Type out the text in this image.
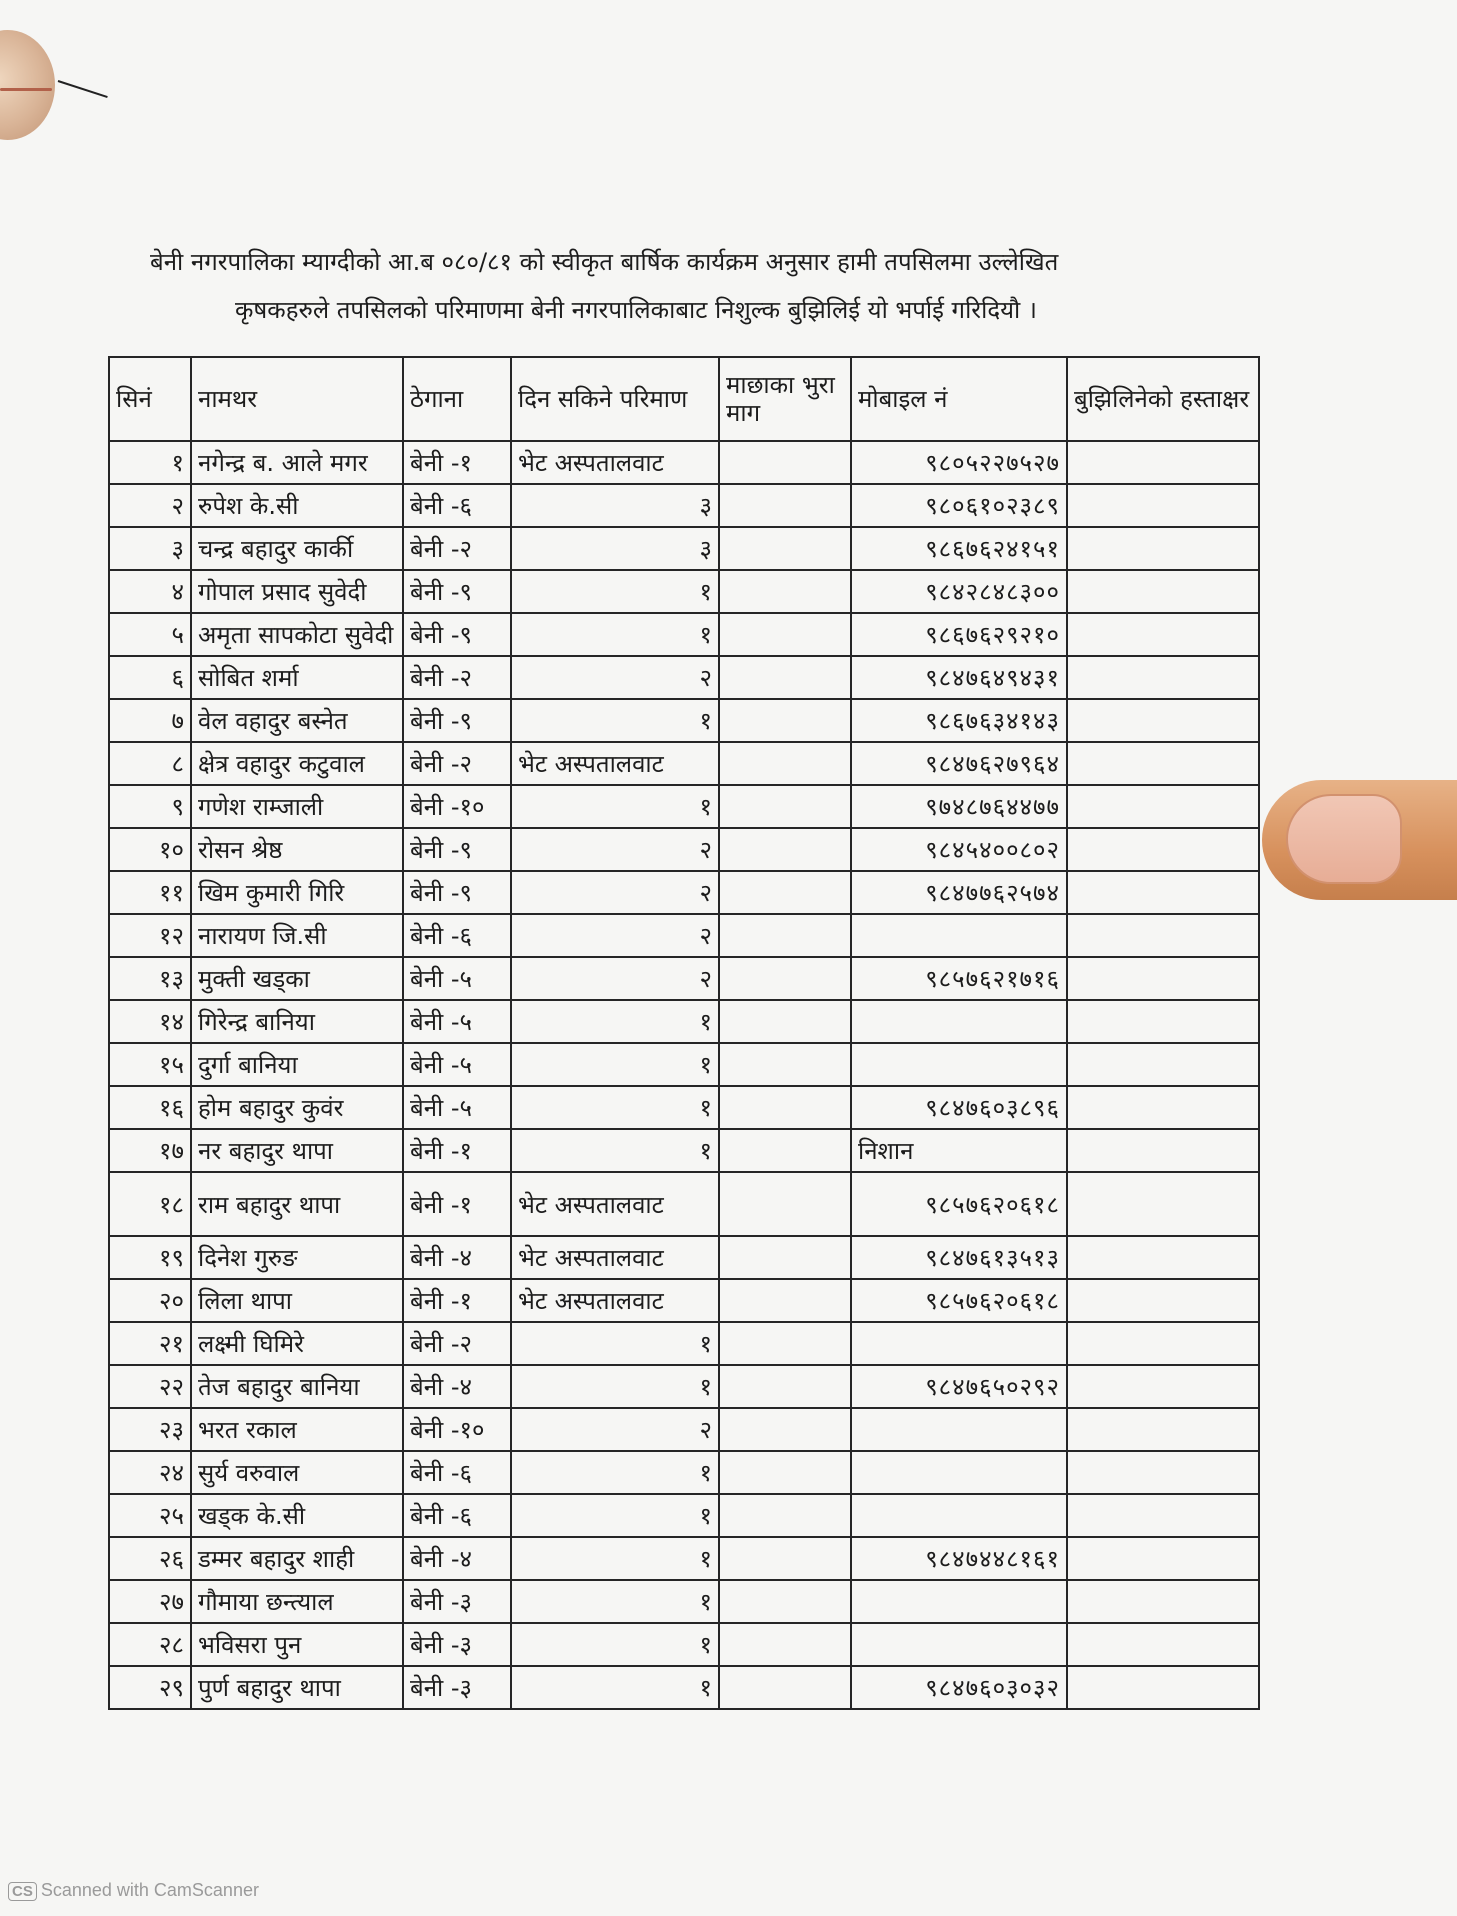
बेनी नगरपालिका म्याग्दीको आ.ब ०८०/८१ को स्वीकृत बार्षिक कार्यक्रम अनुसार हामी तपसिलमा उल्लेखित
कृषकहरुले तपसिलको परिमाणमा बेनी नगरपालिकाबाट निशुल्क बुझिलिई यो भर्पाई गरिदियौ ।
सिनं	नामथर	ठेगाना	दिन सकिने परिमाण	माछाका भुरा माग	मोबाइल नं	बुझिलिनेको हस्ताक्षर
१	नगेन्द्र ब. आले मगर	बेनी -१	भेट अस्पतालवाट		९८०५२२७५२७	
२	रुपेश के.सी	बेनी -६	३		९८०६१०२३८९	
३	चन्द्र बहादुर कार्की	बेनी -२	३		९८६७६२४१५१	
४	गोपाल प्रसाद सुवेदी	बेनी -९	१		९८४२८४८३००	
५	अमृता सापकोटा सुवेदी	बेनी -९	१		९८६७६२९२१०	
६	सोबित शर्मा	बेनी -२	२		९८४७६४९४३१	
७	वेल वहादुर बस्नेत	बेनी -९	१		९८६७६३४१४३	
८	क्षेत्र वहादुर कटुवाल	बेनी -२	भेट अस्पतालवाट		९८४७६२७९६४	
९	गणेश राम्जाली	बेनी -१०	१		९७४८७६४४७७	
१०	रोसन श्रेष्ठ	बेनी -९	२		९८४५४००८०२	
११	खिम कुमारी गिरि	बेनी -९	२		९८४७७६२५७४	
१२	नारायण जि.सी	बेनी -६	२			
१३	मुक्ती खड्का	बेनी -५	२		९८५७६२१७१६	
१४	गिरेन्द्र बानिया	बेनी -५	१			
१५	दुर्गा बानिया	बेनी -५	१			
१६	होम बहादुर कुवंर	बेनी -५	१		९८४७६०३८९६	
१७	नर बहादुर थापा	बेनी -१	१		निशान	
१८	राम बहादुर थापा	बेनी -१	भेट अस्पतालवाट		९८५७६२०६१८	
१९	दिनेश गुरुङ	बेनी -४	भेट अस्पतालवाट		९८४७६१३५१३	
२०	लिला थापा	बेनी -१	भेट अस्पतालवाट		९८५७६२०६१८	
२१	लक्ष्मी घिमिरे	बेनी -२	१			
२२	तेज बहादुर बानिया	बेनी -४	१		९८४७६५०२९२	
२३	भरत रकाल	बेनी -१०	२			
२४	सुर्य वरुवाल	बेनी -६	१			
२५	खड्क के.सी	बेनी -६	१			
२६	डम्मर बहादुर शाही	बेनी -४	१		९८४७४४८१६१	
२७	गौमाया छन्त्याल	बेनी -३	१			
२८	भविसरा पुन	बेनी -३	१			
२९	पुर्ण बहादुर थापा	बेनी -३	१		९८४७६०३०३२	
CS Scanned with CamScanner
